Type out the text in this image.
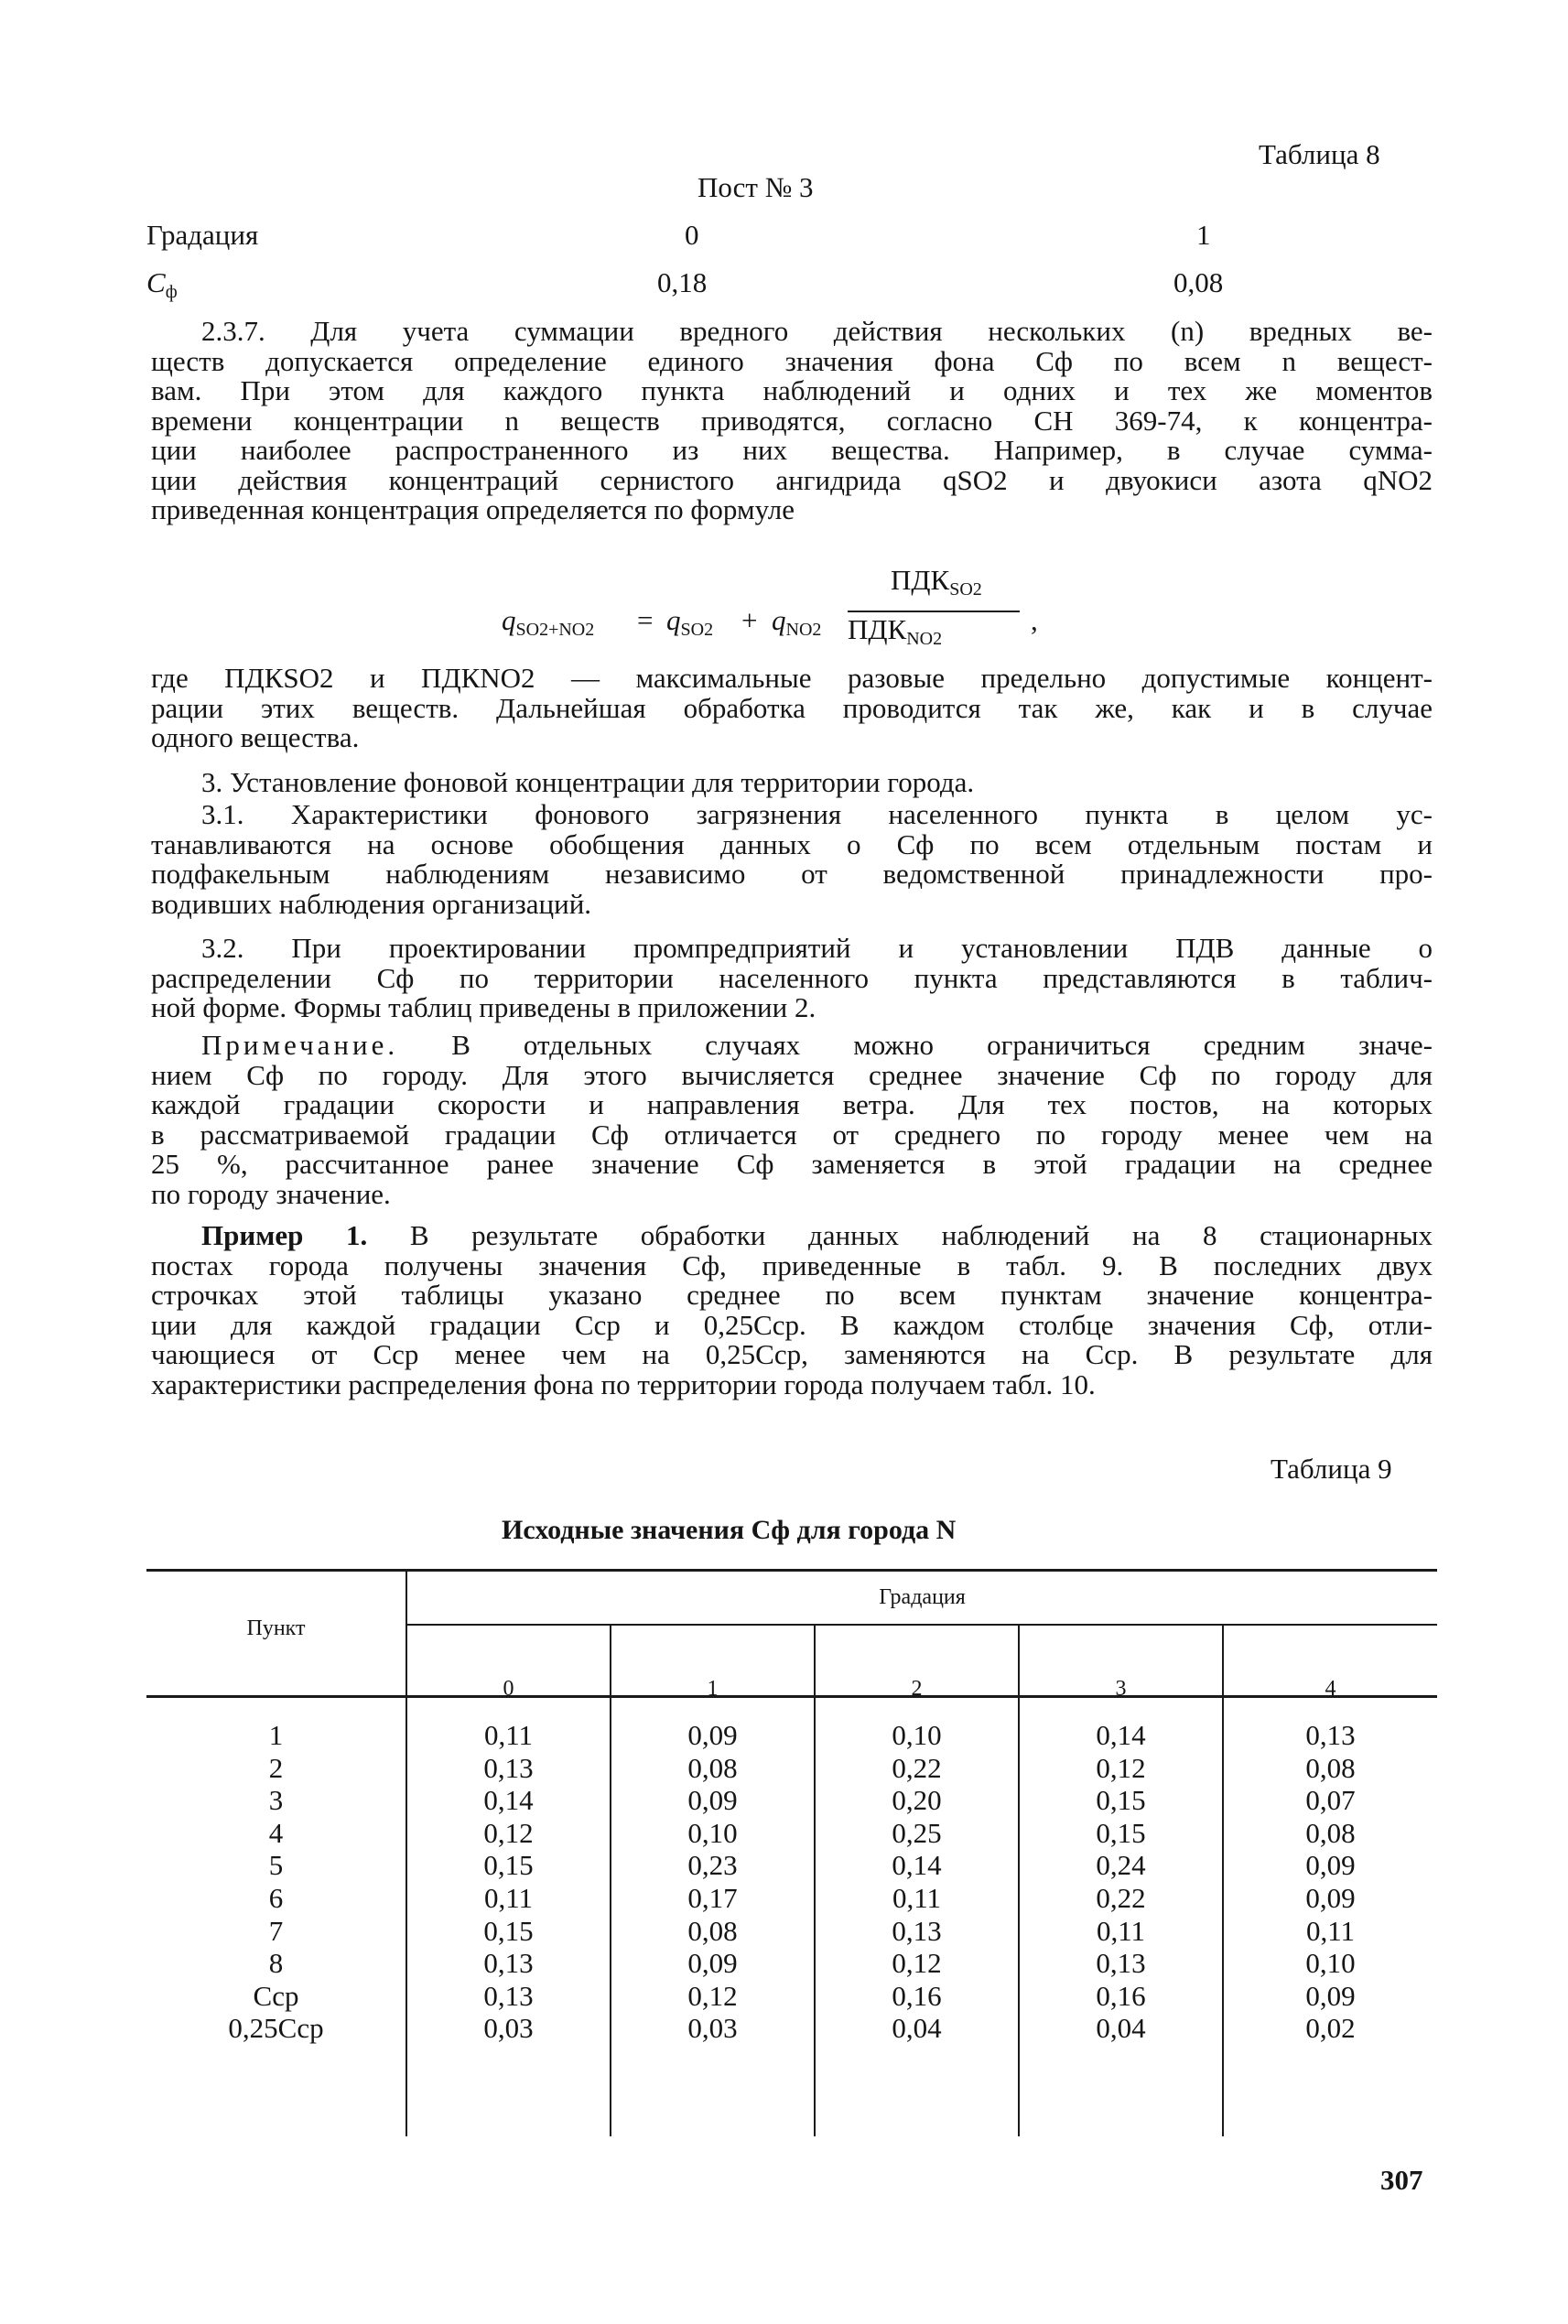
Таблица 8
Пост № 3
Градация	0	1
$C_ф$	0,18	0,08
2.3.7. Для учета суммации вредного действия нескольких (n) вредных ве-
ществ допускается определение единого значения фона Cф по всем n вещест-
вам. При этом для каждого пункта наблюдений и одних и тех же моментов
времени концентрации n веществ приводятся, согласно СН 369-74, к концентра-
ции наиболее распространенного из них вещества. Например, в случае сумма-
ции действия концентраций сернистого ангидрида qSO2 и двуокиси азота qNO2
приведенная концентрация определяется по формуле
$q_{SO2+NO2} = q_{SO2} + q_{NO2}$
$ПДК_{SO2}$
$ПДК_{NO2}$
,
где ПДКSO2 и ПДКNO2 — максимальные разовые предельно допустимые концент-
рации этих веществ. Дальнейшая обработка проводится так же, как и в случае
одного вещества.
3. Установление фоновой концентрации для территории города.
3.1. Характеристики фонового загрязнения населенного пункта в целом ус-
танавливаются на основе обобщения данных о Cф по всем отдельным постам и
подфакельным наблюдениям независимо от ведомственной принадлежности про-
водивших наблюдения организаций.
3.2. При проектировании промпредприятий и установлении ПДВ данные о
распределении Cф по территории населенного пункта представляются в таблич-
ной форме. Формы таблиц приведены в приложении 2.
Примечание. В отдельных случаях можно ограничиться средним значе-
нием Cф по городу. Для этого вычисляется среднее значение Cф по городу для
каждой градации скорости и направления ветра. Для тех постов, на которых
в рассматриваемой градации Cф отличается от среднего по городу менее чем на
25 %, рассчитанное ранее значение Cф заменяется в этой градации на среднее
по городу значение.
Пример 1. В результате обработки данных наблюдений на 8 стационарных
постах города получены значения Cф, приведенные в табл. 9. В последних двух
строчках этой таблицы указано среднее по всем пунктам значение концентра-
ции для каждой градации Cср и 0,25Cср. В каждом столбце значения Cф, отли-
чающиеся от Cср менее чем на 0,25Cср, заменяются на Cср. В результате для
характеристики распределения фона по территории города получаем табл. 10.
Таблица 9
Исходные значения Cф для города N
Пункт
Градация
0	1	2	3	4
1	0,11	0,09	0,10	0,14	0,13
2	0,13	0,08	0,22	0,12	0,08
3	0,14	0,09	0,20	0,15	0,07
4	0,12	0,10	0,25	0,15	0,08
5	0,15	0,23	0,14	0,24	0,09
6	0,11	0,17	0,11	0,22	0,09
7	0,15	0,08	0,13	0,11	0,11
8	0,13	0,09	0,12	0,13	0,10
Cср	0,13	0,12	0,16	0,16	0,09
0,25Cср	0,03	0,03	0,04	0,04	0,02
307
